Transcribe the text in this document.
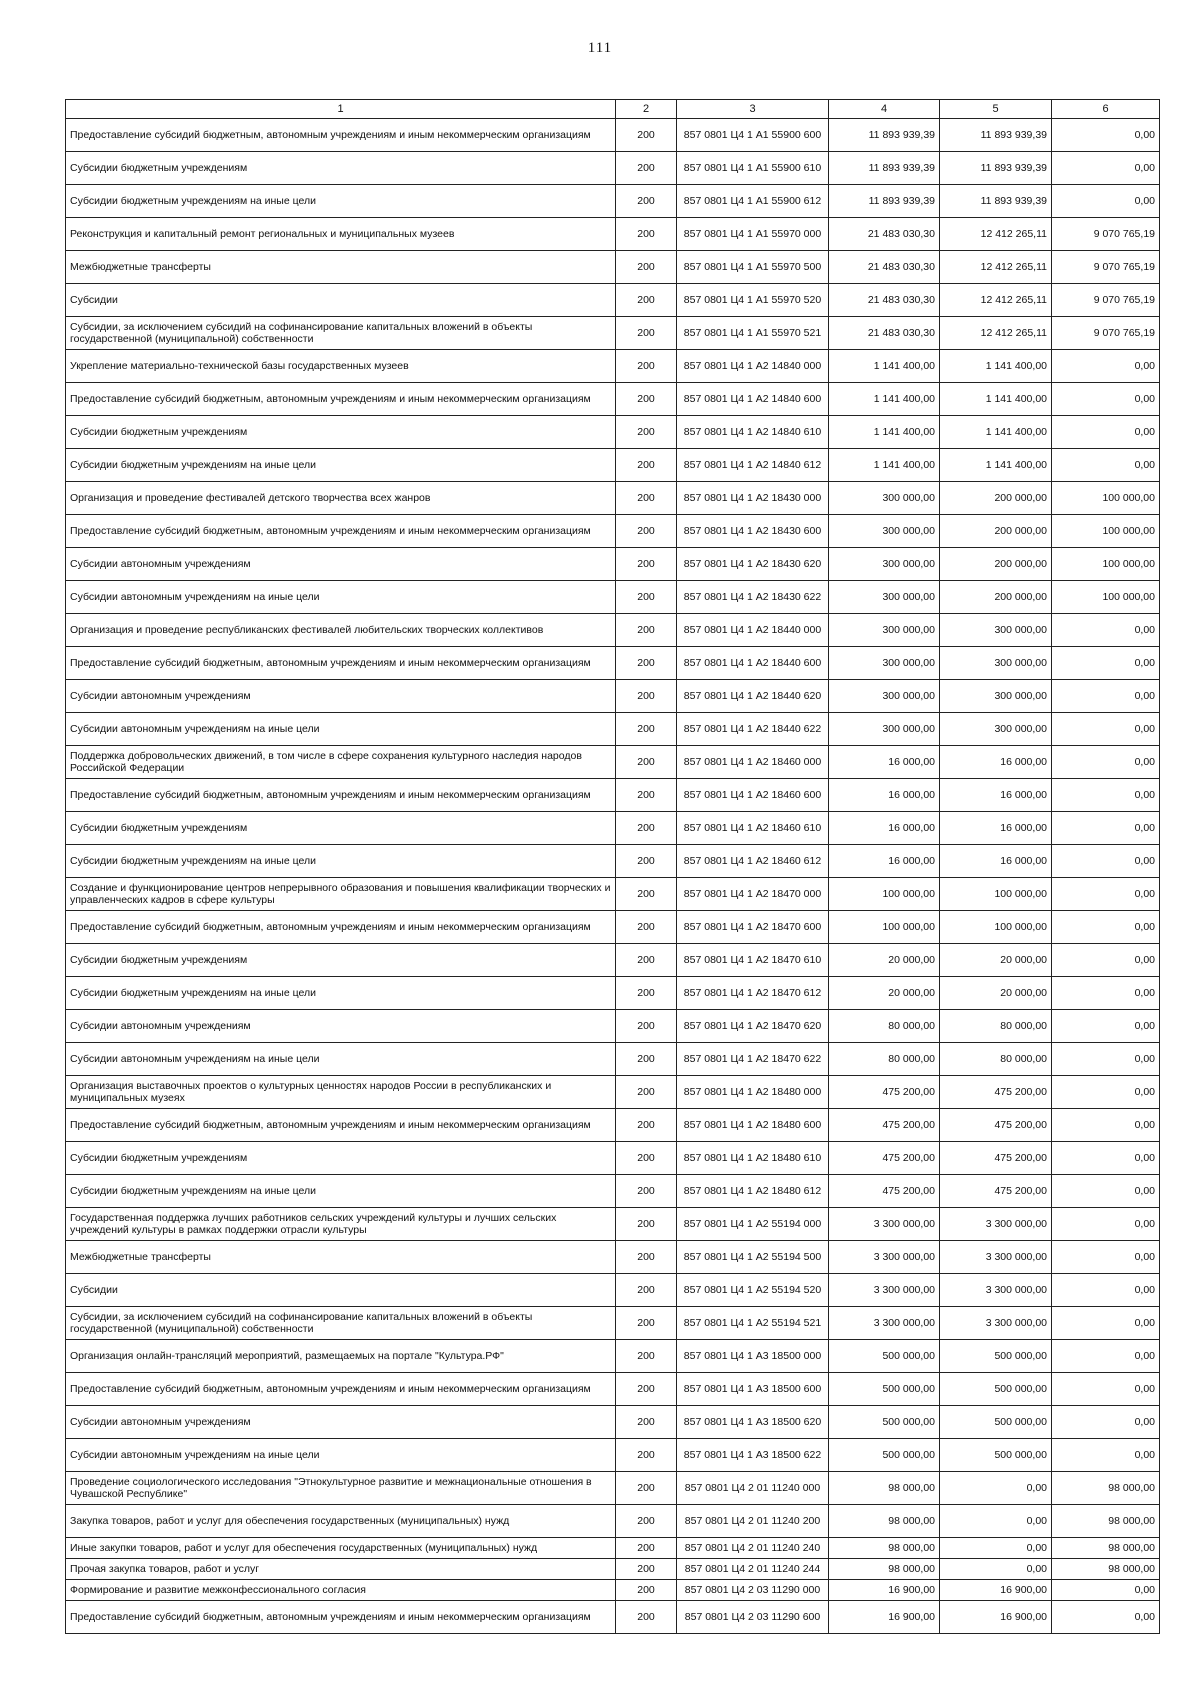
111
1	2	3	4	5	6
Предоставление субсидий бюджетным, автономным учреждениям и иным некоммерческим организациям	200	857 0801 Ц4 1 А1 55900 600	11 893 939,39	11 893 939,39	0,00
Субсидии бюджетным учреждениям	200	857 0801 Ц4 1 А1 55900 610	11 893 939,39	11 893 939,39	0,00
Субсидии бюджетным учреждениям на иные цели	200	857 0801 Ц4 1 А1 55900 612	11 893 939,39	11 893 939,39	0,00
Реконструкция и капитальный ремонт региональных и муниципальных музеев	200	857 0801 Ц4 1 А1 55970 000	21 483 030,30	12 412 265,11	9 070 765,19
Межбюджетные трансферты	200	857 0801 Ц4 1 А1 55970 500	21 483 030,30	12 412 265,11	9 070 765,19
Субсидии	200	857 0801 Ц4 1 А1 55970 520	21 483 030,30	12 412 265,11	9 070 765,19
Субсидии, за исключением субсидий на софинансирование капитальных вложений в объекты государственной (муниципальной) собственности	200	857 0801 Ц4 1 А1 55970 521	21 483 030,30	12 412 265,11	9 070 765,19
Укрепление материально-технической базы государственных музеев	200	857 0801 Ц4 1 А2 14840 000	1 141 400,00	1 141 400,00	0,00
Предоставление субсидий бюджетным, автономным учреждениям и иным некоммерческим организациям	200	857 0801 Ц4 1 А2 14840 600	1 141 400,00	1 141 400,00	0,00
Субсидии бюджетным учреждениям	200	857 0801 Ц4 1 А2 14840 610	1 141 400,00	1 141 400,00	0,00
Субсидии бюджетным учреждениям на иные цели	200	857 0801 Ц4 1 А2 14840 612	1 141 400,00	1 141 400,00	0,00
Организация и проведение фестивалей детского творчества всех жанров	200	857 0801 Ц4 1 А2 18430 000	300 000,00	200 000,00	100 000,00
Предоставление субсидий бюджетным, автономным учреждениям и иным некоммерческим организациям	200	857 0801 Ц4 1 А2 18430 600	300 000,00	200 000,00	100 000,00
Субсидии автономным учреждениям	200	857 0801 Ц4 1 А2 18430 620	300 000,00	200 000,00	100 000,00
Субсидии автономным учреждениям на иные цели	200	857 0801 Ц4 1 А2 18430 622	300 000,00	200 000,00	100 000,00
Организация и проведение республиканских фестивалей любительских творческих коллективов	200	857 0801 Ц4 1 А2 18440 000	300 000,00	300 000,00	0,00
Предоставление субсидий бюджетным, автономным учреждениям и иным некоммерческим организациям	200	857 0801 Ц4 1 А2 18440 600	300 000,00	300 000,00	0,00
Субсидии автономным учреждениям	200	857 0801 Ц4 1 А2 18440 620	300 000,00	300 000,00	0,00
Субсидии автономным учреждениям на иные цели	200	857 0801 Ц4 1 А2 18440 622	300 000,00	300 000,00	0,00
Поддержка добровольческих движений, в том числе в сфере сохранения культурного наследия народов Российской Федерации	200	857 0801 Ц4 1 А2 18460 000	16 000,00	16 000,00	0,00
Предоставление субсидий бюджетным, автономным учреждениям и иным некоммерческим организациям	200	857 0801 Ц4 1 А2 18460 600	16 000,00	16 000,00	0,00
Субсидии бюджетным учреждениям	200	857 0801 Ц4 1 А2 18460 610	16 000,00	16 000,00	0,00
Субсидии бюджетным учреждениям на иные цели	200	857 0801 Ц4 1 А2 18460 612	16 000,00	16 000,00	0,00
Создание и функционирование центров непрерывного образования и повышения квалификации творческих и управленческих кадров в сфере культуры	200	857 0801 Ц4 1 А2 18470 000	100 000,00	100 000,00	0,00
Предоставление субсидий бюджетным, автономным учреждениям и иным некоммерческим организациям	200	857 0801 Ц4 1 А2 18470 600	100 000,00	100 000,00	0,00
Субсидии бюджетным учреждениям	200	857 0801 Ц4 1 А2 18470 610	20 000,00	20 000,00	0,00
Субсидии бюджетным учреждениям на иные цели	200	857 0801 Ц4 1 А2 18470 612	20 000,00	20 000,00	0,00
Субсидии автономным учреждениям	200	857 0801 Ц4 1 А2 18470 620	80 000,00	80 000,00	0,00
Субсидии автономным учреждениям на иные цели	200	857 0801 Ц4 1 А2 18470 622	80 000,00	80 000,00	0,00
Организация выставочных проектов о культурных ценностях народов России в республиканских и муниципальных музеях	200	857 0801 Ц4 1 А2 18480 000	475 200,00	475 200,00	0,00
Предоставление субсидий бюджетным, автономным учреждениям и иным некоммерческим организациям	200	857 0801 Ц4 1 А2 18480 600	475 200,00	475 200,00	0,00
Субсидии бюджетным учреждениям	200	857 0801 Ц4 1 А2 18480 610	475 200,00	475 200,00	0,00
Субсидии бюджетным учреждениям на иные цели	200	857 0801 Ц4 1 А2 18480 612	475 200,00	475 200,00	0,00
Государственная поддержка лучших работников сельских учреждений культуры и лучших сельских учреждений культуры в рамках поддержки отрасли культуры	200	857 0801 Ц4 1 А2 55194 000	3 300 000,00	3 300 000,00	0,00
Межбюджетные трансферты	200	857 0801 Ц4 1 А2 55194 500	3 300 000,00	3 300 000,00	0,00
Субсидии	200	857 0801 Ц4 1 А2 55194 520	3 300 000,00	3 300 000,00	0,00
Субсидии, за исключением субсидий на софинансирование капитальных вложений в объекты государственной (муниципальной) собственности	200	857 0801 Ц4 1 А2 55194 521	3 300 000,00	3 300 000,00	0,00
Организация онлайн-трансляций мероприятий, размещаемых на портале "Культура.РФ"	200	857 0801 Ц4 1 А3 18500 000	500 000,00	500 000,00	0,00
Предоставление субсидий бюджетным, автономным учреждениям и иным некоммерческим организациям	200	857 0801 Ц4 1 А3 18500 600	500 000,00	500 000,00	0,00
Субсидии автономным учреждениям	200	857 0801 Ц4 1 А3 18500 620	500 000,00	500 000,00	0,00
Субсидии автономным учреждениям на иные цели	200	857 0801 Ц4 1 А3 18500 622	500 000,00	500 000,00	0,00
Проведение социологического исследования "Этнокультурное развитие и межнациональные отношения в Чувашской Республике"	200	857 0801 Ц4 2 01 11240 000	98 000,00	0,00	98 000,00
Закупка товаров, работ и услуг для обеспечения государственных (муниципальных) нужд	200	857 0801 Ц4 2 01 11240 200	98 000,00	0,00	98 000,00
Иные закупки товаров, работ и услуг для обеспечения государственных (муниципальных) нужд	200	857 0801 Ц4 2 01 11240 240	98 000,00	0,00	98 000,00
Прочая закупка товаров, работ и услуг	200	857 0801 Ц4 2 01 11240 244	98 000,00	0,00	98 000,00
Формирование и развитие межконфессионального согласия	200	857 0801 Ц4 2 03 11290 000	16 900,00	16 900,00	0,00
Предоставление субсидий бюджетным, автономным учреждениям и иным некоммерческим организациям	200	857 0801 Ц4 2 03 11290 600	16 900,00	16 900,00	0,00
